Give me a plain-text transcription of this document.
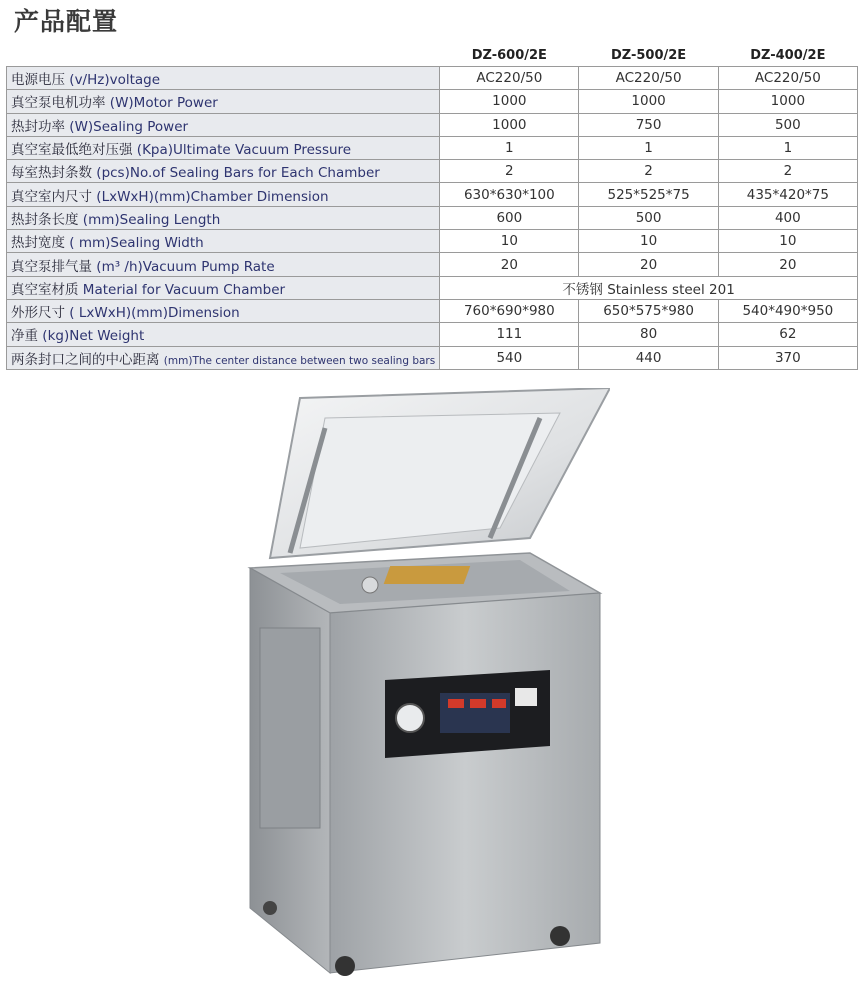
产品配置
	DZ-600/2E	DZ-500/2E	DZ-400/2E
电源电压 (v/Hz)voltage	AC220/50	AC220/50	AC220/50
真空泵电机功率 (W)Motor Power	1000	1000	1000
热封功率 (W)Sealing Power	1000	750	500
真空室最低绝对压强 (Kpa)Ultimate Vacuum Pressure	1	1	1
每室热封条数 (pcs)No.of Sealing Bars for Each Chamber	2	2	2
真空室内尺寸 (LxWxH)(mm)Chamber Dimension	630*630*100	525*525*75	435*420*75
热封条长度 (mm)Sealing Length	600	500	400
热封宽度 ( mm)Sealing Width	10	10	10
真空泵排气量 (m³ /h)Vacuum Pump Rate	20	20	20
真空室材质 Material for Vacuum Chamber	不锈钢 Stainless steel 201		
外形尺寸 ( LxWxH)(mm)Dimension	760*690*980	650*575*980	540*490*950
净重 (kg)Net Weight	111	80	62
两条封口之间的中心距离 (mm)The center distance between two sealing bars	540	440	370
